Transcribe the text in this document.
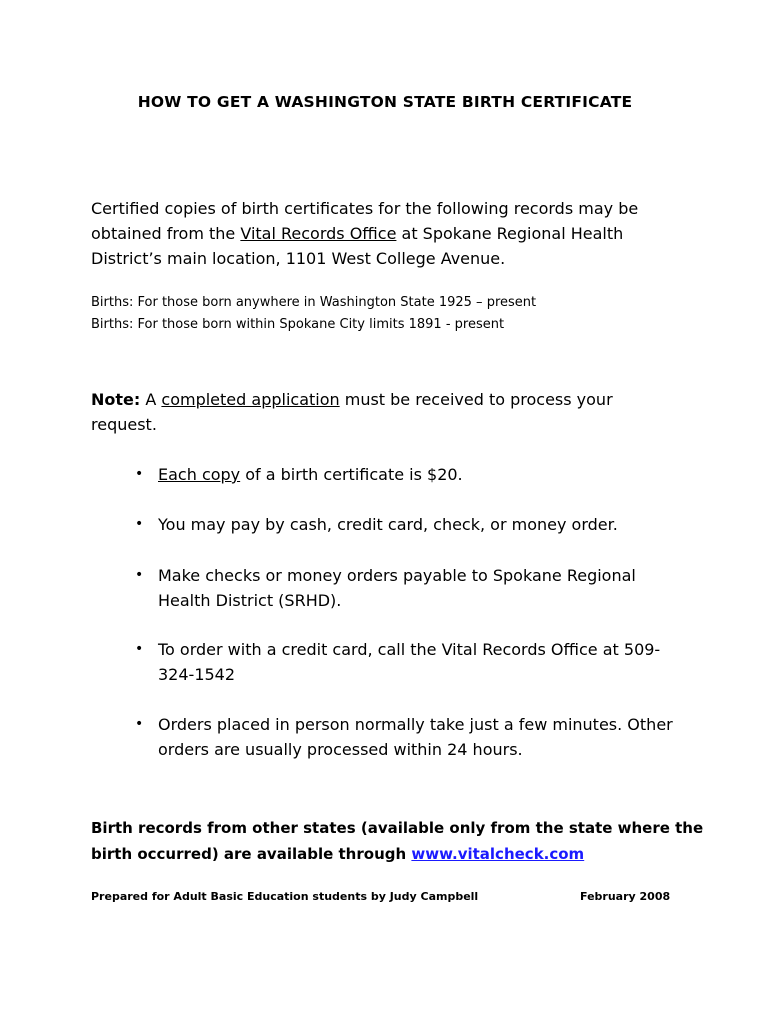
HOW TO GET A WASHINGTON STATE BIRTH CERTIFICATE
Certified copies of birth certificates for the following records may be obtained from the Vital Records Office at Spokane Regional Health District’s main location, 1101 West College Avenue.
Births: For those born anywhere in Washington State 1925 – present
Births: For those born within Spokane City limits 1891 - present
Note: A completed application must be received to process your request.
• Each copy of a birth certificate is $20.
• You may pay by cash, credit card, check, or money order.
• Make checks or money orders payable to Spokane Regional Health District (SRHD).
• To order with a credit card, call the Vital Records Office at 509-324-1542
• Orders placed in person normally take just a few minutes. Other orders are usually processed within 24 hours.
Birth records from other states (available only from the state where the birth occurred) are available through www.vitalcheck.com
Prepared for Adult Basic Education students by Judy Campbell	February 2008
